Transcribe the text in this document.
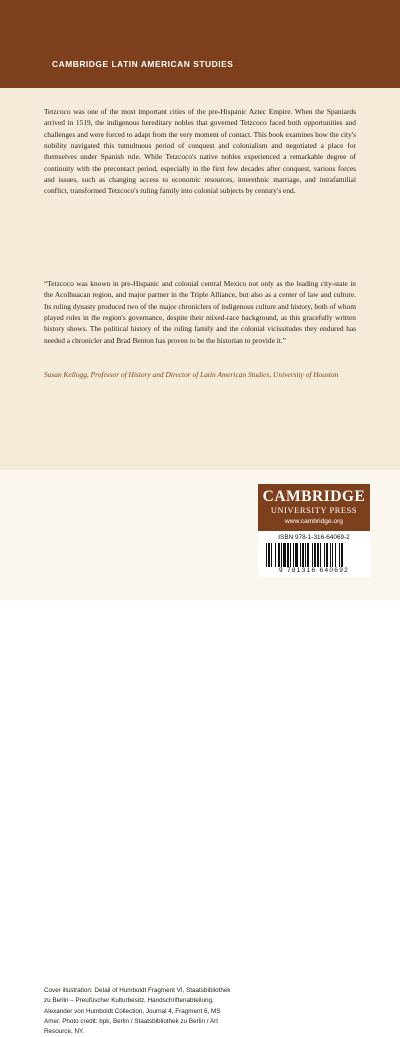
CAMBRIDGE LATIN AMERICAN STUDIES

Tetzcoco was one of the most important cities of the pre-Hispanic Aztec Empire. When the Spaniards arrived in 1519, the indigenous hereditary nobles that governed Tetzcoco faced both opportunities and challenges and were forced to adapt from the very moment of contact. This book examines how the city's nobility navigated this tumultuous period of conquest and colonialism and negotiated a place for themselves under Spanish rule. While Tetzcoco's native nobles experienced a remarkable degree of continuity with the precontact period, especially in the first few decades after conquest, various forces and issues, such as changing access to economic resources, interethnic marriage, and intrafamilial conflict, transformed Tetzcoco's ruling family into colonial subjects by century's end.

“Tetzcoco was known in pre-Hispanic and colonial central Mexico not only as the leading city-state in the Acolhuacan region, and major partner in the Triple Alliance, but also as a center of law and culture. Its ruling dynasty produced two of the major chroniclers of indigenous culture and history, both of whom played roles in the region's governance, despite their mixed-race background, as this gracefully written history shows. The political history of the ruling family and the colonial vicissitudes they endured has needed a chronicler and Brad Benton has proven to be the historian to provide it.”

Susan Kellogg, Professor of History and Director of Latin American Studies, University of Houston

Cover illustration: Detail of Humboldt Fragment VI, Staatsbibliothek zu Berlin – Preußischer Kulturbesitz, Handschriftenabteilung, Alexander von Humboldt Collection, Journal 4, Fragment 6, MS Amer. Photo credit: bpk, Berlin / Staatsbibliothek zu Berlin / Art Resource, NY.

CAMBRIDGE
UNIVERSITY PRESS
www.cambridge.org
ISBN 978-1-316-64069-2
9 781316 640692
